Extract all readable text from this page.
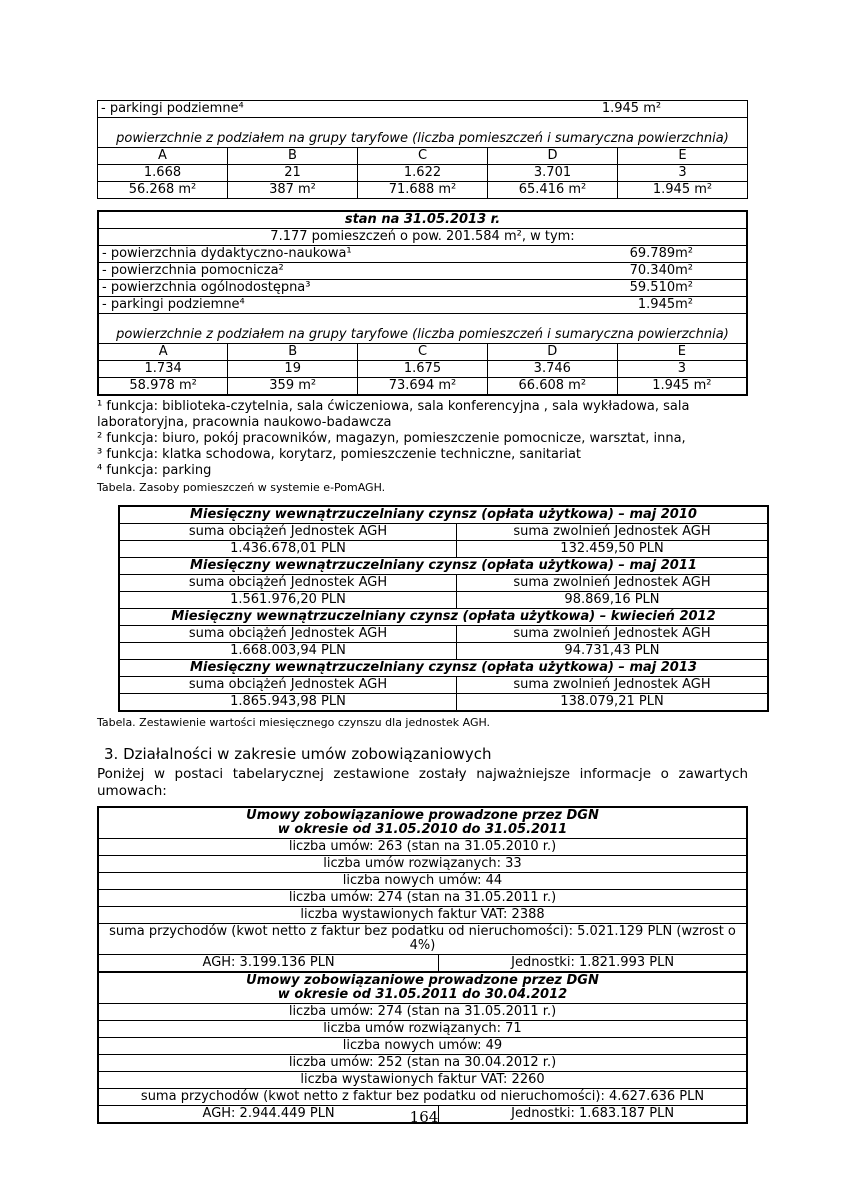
- parkingi podziemne⁴ 1.945 m²				

powierzchnie z podziałem na grupy taryfowe (liczba pomieszczeń i sumaryczna powierzchnia)				
A	B	C	D	E
1.668	21	1.622	3.701	3
56.268 m²	387 m²	71.688 m²	65.416 m²	1.945 m²
stan na 31.05.2013 r.				
7.177 pomieszczeń o pow. 201.584 m², w tym:				

- powierzchnia dydaktyczno-naukowa¹ 69.789m²				

- powierzchnia pomocnicza² 70.340m²				

- powierzchnia ogólnodostępna³ 59.510m²				

- parkingi podziemne⁴ 1.945m²				

powierzchnie z podziałem na grupy taryfowe (liczba pomieszczeń i sumaryczna powierzchnia)				
A	B	C	D	E
1.734	19	1.675	3.746	3
58.978 m²	359 m²	73.694 m²	66.608 m²	1.945 m²
¹ funkcja: biblioteka-czytelnia, sala ćwiczeniowa, sala konferencyjna , sala wykładowa, sala laboratoryjna, pracownia naukowo-badawcza
² funkcja: biuro, pokój pracowników, magazyn, pomieszczenie pomocnicze, warsztat, inna,
³ funkcja: klatka schodowa, korytarz, pomieszczenie techniczne, sanitariat
⁴ funkcja: parking
Tabela. Zasoby pomieszczeń w systemie e-PomAGH.
Miesięczny wewnątrzuczelniany czynsz (opłata użytkowa) – maj 2010	
suma obciążeń Jednostek AGH	suma zwolnień Jednostek AGH
1.436.678,01 PLN	132.459,50 PLN
Miesięczny wewnątrzuczelniany czynsz (opłata użytkowa) – maj 2011	
suma obciążeń Jednostek AGH	suma zwolnień Jednostek AGH
1.561.976,20 PLN	98.869,16 PLN
Miesięczny wewnątrzuczelniany czynsz (opłata użytkowa) – kwiecień 2012	
suma obciążeń Jednostek AGH	suma zwolnień Jednostek AGH
1.668.003,94 PLN	94.731,43 PLN
Miesięczny wewnątrzuczelniany czynsz (opłata użytkowa) – maj 2013	
suma obciążeń Jednostek AGH	suma zwolnień Jednostek AGH
1.865.943,98 PLN	138.079,21 PLN
Tabela. Zestawienie wartości miesięcznego czynszu dla jednostek AGH.
3. Działalności w zakresie umów zobowiązaniowych
Poniżej w postaci tabelarycznej zestawione zostały najważniejsze informacje o zawartych umowach:
Umowy zobowiązaniowe prowadzone przez DGN
w okresie od 31.05.2010 do 31.05.2011

liczba umów: 263 (stan na 31.05.2010 r.)
liczba umów rozwiązanych: 33
liczba nowych umów: 44
liczba umów: 274 (stan na 31.05.2011 r.)
liczba wystawionych faktur VAT: 2388
suma przychodów (kwot netto z faktur bez podatku od nieruchomości): 5.021.129 PLN (wzrost o 4%)
AGH: 3.199.136 PLN	Jednostki: 1.821.993 PLN
Umowy zobowiązaniowe prowadzone przez DGN
w okresie od 31.05.2011 do 30.04.2012

liczba umów: 274 (stan na 31.05.2011 r.)
liczba umów rozwiązanych: 71
liczba nowych umów: 49
liczba umów: 252 (stan na 30.04.2012 r.)
liczba wystawionych faktur VAT: 2260
suma przychodów (kwot netto z faktur bez podatku od nieruchomości): 4.627.636 PLN
AGH: 2.944.449 PLN	Jednostki: 1.683.187 PLN
164
